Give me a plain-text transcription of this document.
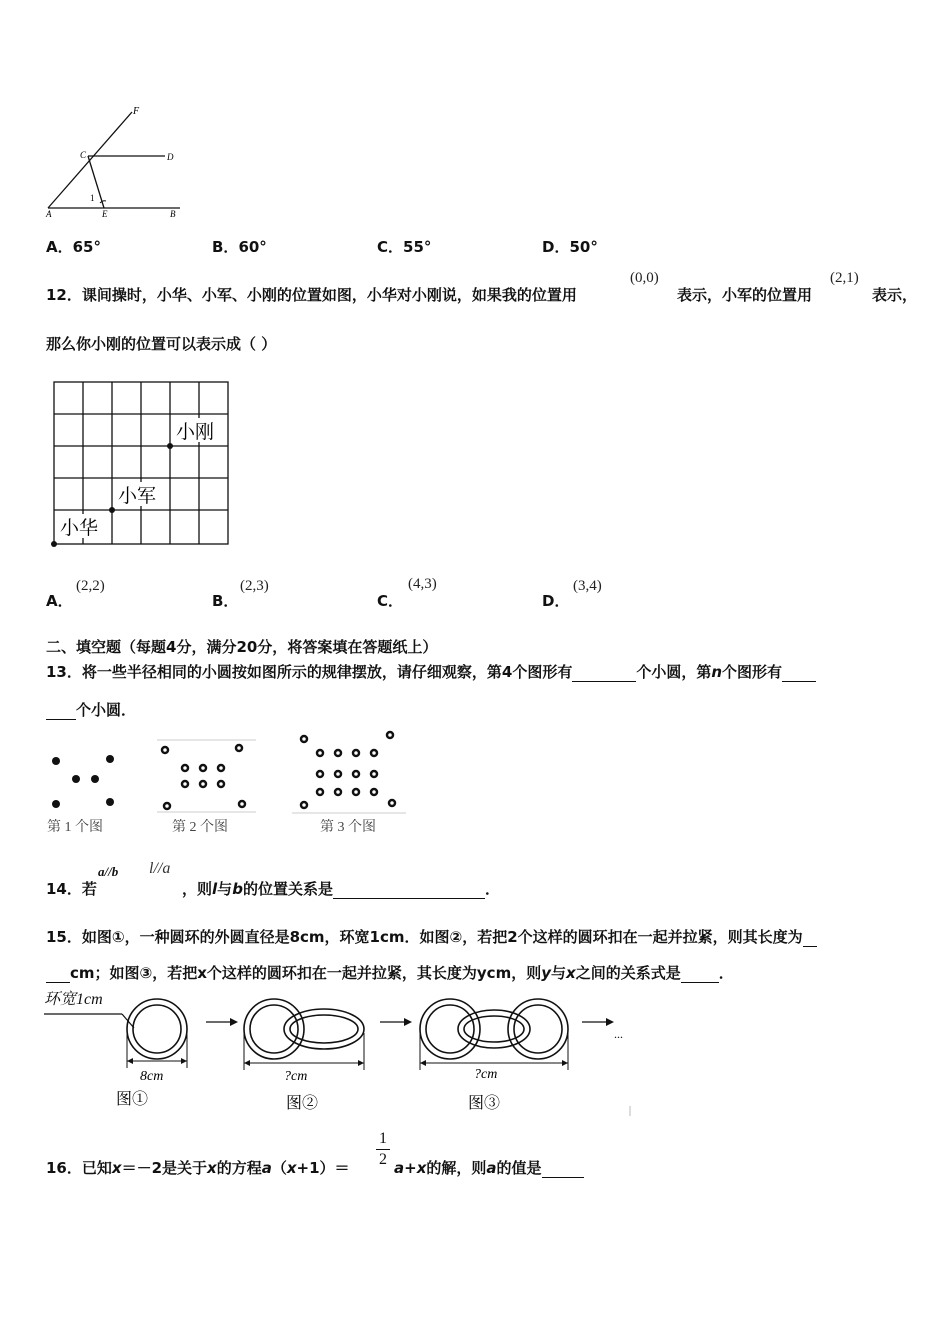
F
C	D
A	E	B
1
A．65°	B．60°	C．55°	D．50°
12．课间操时，小华、小军、小刚的位置如图，小华对小刚说，如果我的位置用
(0,0)
表示，小军的位置用
(2,1)
表示，
那么你小刚的位置可以表示成（ ）
小刚
小军
小华
A．
(2,2)
B．
(2,3)
C．
(4,3)
D．
(3,4)
二、填空题（每题4分，满分20分，将答案填在答题纸上）
13．将一些半径相同的小圆按如图所示的规律摆放，请仔细观察，第4个图形有	个小圆，第n个图形有
个小圆．
第 1 个图	第 2 个图	第 3 个图
14．若
a//b l//a
，则l与b的位置关系是	．
15．如图①，一种圆环的外圆直径是8cm，环宽1cm．如图②，若把2个这样的圆环扣在一起并拉紧，则其长度为
cm；如图③，若把x个这样的圆环扣在一起并拉紧，其长度为ycm，则y与x之间的关系式是	．
环宽1cm
8cm
图①
?cm
图②
?cm
图③
...
16．已知x＝－2是关于x的方程a（x+1）＝
1
2 a+x的解，则a的值是
